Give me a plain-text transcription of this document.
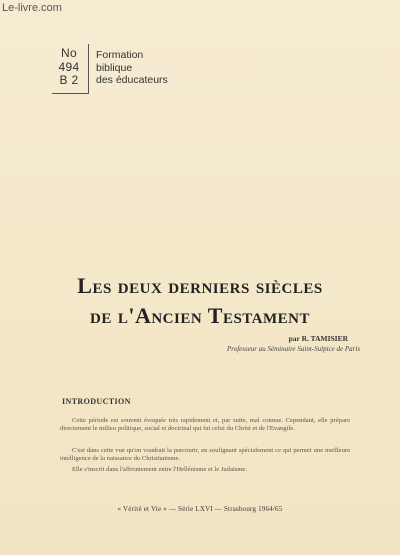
Le-livre.com
No
494
B 2
Formation
biblique
des éducateurs
Les deux derniers siècles
de l'Ancien Testament
par R. TAMISIER
Professeur au Séminaire Saint-Sulpice de Paris
INTRODUCTION
Cette période est souvent évoquée très rapidement et, par suite, mal connue. Cependant, elle prépare directement le milieu politique, social et doctrinal qui fut celui du Christ et de l'Evangile.
C'est dans cette vue qu'on voudrait la parcourir, en soulignant spécialement ce qui permet une meilleure intelligence de la naissance du Christianisme.
Elle s'inscrit dans l'affrontement entre l'Hellénisme et le Judaïsme.
« Vérité et Vie » — Série LXVI — Strasbourg 1964/65
